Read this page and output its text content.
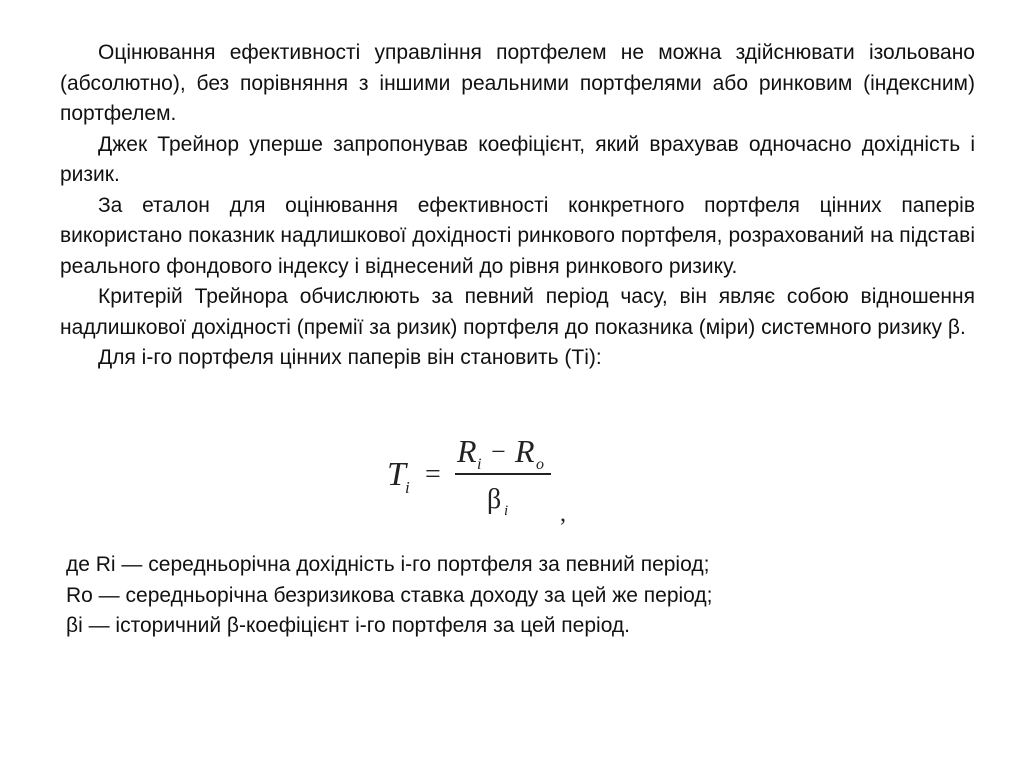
Оцінювання ефективності управління портфелем не можна здійснювати ізольовано (абсолютно), без порівняння з іншими реальними портфелями або ринковим (індексним) портфелем.

Джек Трейнор уперше запропонував коефіцієнт, який врахував одночасно дохідність і ризик.

За еталон для оцінювання ефективності конкретного портфеля цінних паперів використано показник надлишкової дохідності ринкового портфеля, розрахований на підставі реального фондового індексу і віднесений до рівня ринкового ризику.

Критерій Трейнора обчислюють за певний період часу, він являє собою відношення надлишкової дохідності (премії за ризик) портфеля до показника (міри) системного ризику β.

Для і-го портфеля цінних паперів він становить (Ті):

T i =
R i − R o
β i ,

де Ri — середньорічна дохідність і-го портфеля за певний період;

Ro — середньорічна безризикова ставка доходу за цей же період;

βi — історичний β-коефіцієнт і-го портфеля за цей період.
